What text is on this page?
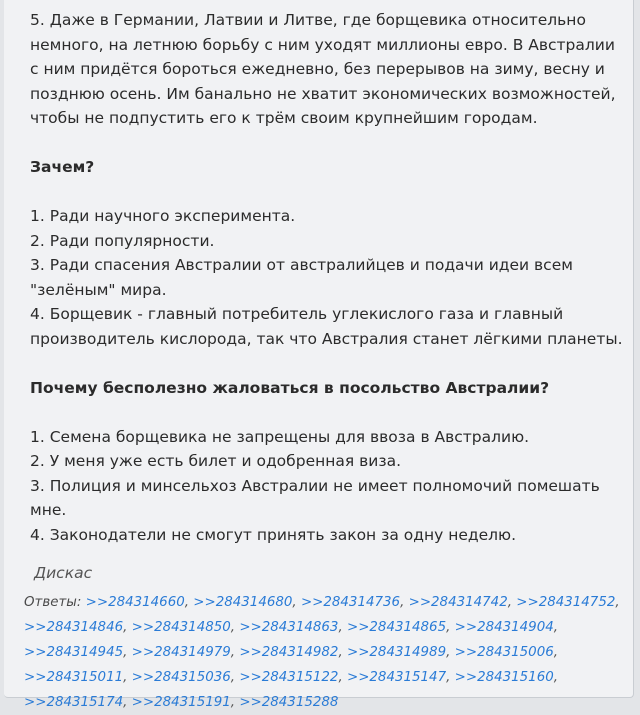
5. Даже в Германии, Латвии и Литве, где борщевика относительно
немного, на летнюю борьбу с ним уходят миллионы евро. В Австралии
с ним придётся бороться ежедневно, без перерывов на зиму, весну и
позднюю осень. Им банально не хватит экономических возможностей,
чтобы не подпустить его к трём своим крупнейшим городам.
Зачем?
1. Ради научного эксперимента.
2. Ради популярности.
3. Ради спасения Австралии от австралийцев и подачи идеи всем
"зелёным" мира.
4. Борщевик - главный потребитель углекислого газа и главный
производитель кислорода, так что Австралия станет лёгкими планеты.
Почему бесполезно жаловаться в посольство Австралии?
1. Семена борщевика не запрещены для ввоза в Австралию.
2. У меня уже есть билет и одобренная виза.
3. Полиция и минсельхоз Австралии не имеет полномочий помешать
мне.
4. Законодатели не смогут принять закон за одну неделю.
Дискас
Ответы: >>284314660, >>284314680, >>284314736, >>284314742, >>284314752, >>284314846, >>284314850, >>284314863, >>284314865, >>284314904, >>284314945, >>284314979, >>284314982, >>284314989, >>284315006, >>284315011, >>284315036, >>284315122, >>284315147, >>284315160, >>284315174, >>284315191, >>284315288
